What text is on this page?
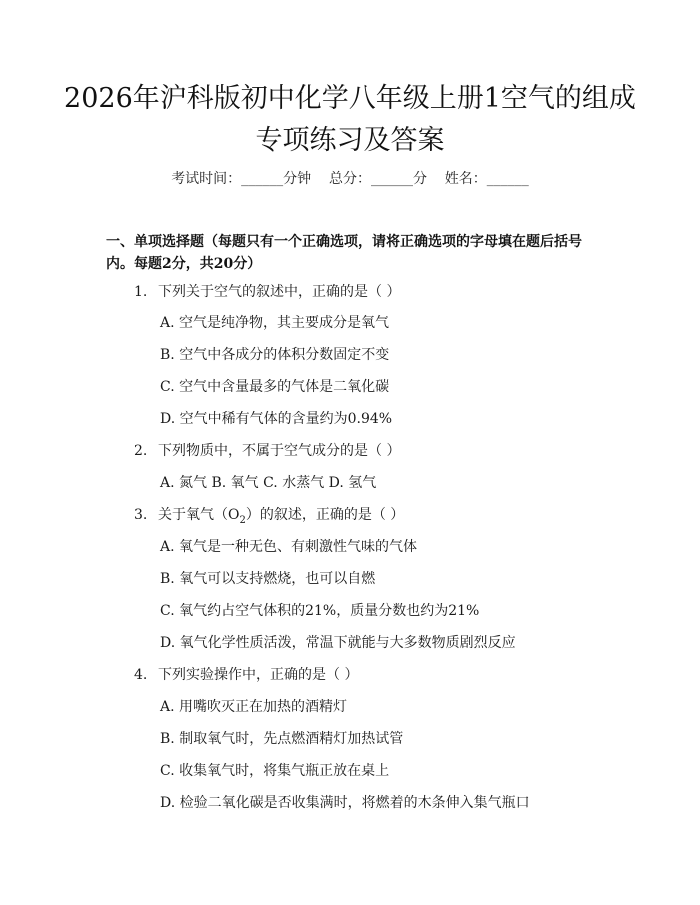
2026年沪科版初中化学八年级上册1空气的组成专项练习及答案
考试时间：______分钟    总分：______分    姓名：______
一、单项选择题（每题只有一个正确选项，请将正确选项的字母填在题后括号内。每题2分，共20分）
1. 下列关于空气的叙述中，正确的是（ ）
A. 空气是纯净物，其主要成分是氧气
B. 空气中各成分的体积分数固定不变
C. 空气中含量最多的气体是二氧化碳
D. 空气中稀有气体的含量约为0.94%
2. 下列物质中，不属于空气成分的是（ ）
A. 氮气 B. 氧气 C. 水蒸气 D. 氢气
3. 关于氧气$(O_2)$的叙述，正确的是（ ）
A. 氧气是一种无色、有刺激性气味的气体
B. 氧气可以支持燃烧，也可以自燃
C. 氧气约占空气体积的21%，质量分数也约为21%
D. 氧气化学性质活泼，常温下就能与大多数物质剧烈反应
4. 下列实验操作中，正确的是（ ）
A. 用嘴吹灭正在加热的酒精灯
B. 制取氧气时，先点燃酒精灯加热试管
C. 收集氧气时，将集气瓶正放在桌上
D. 检验二氧化碳是否收集满时，将燃着的木条伸入集气瓶口
